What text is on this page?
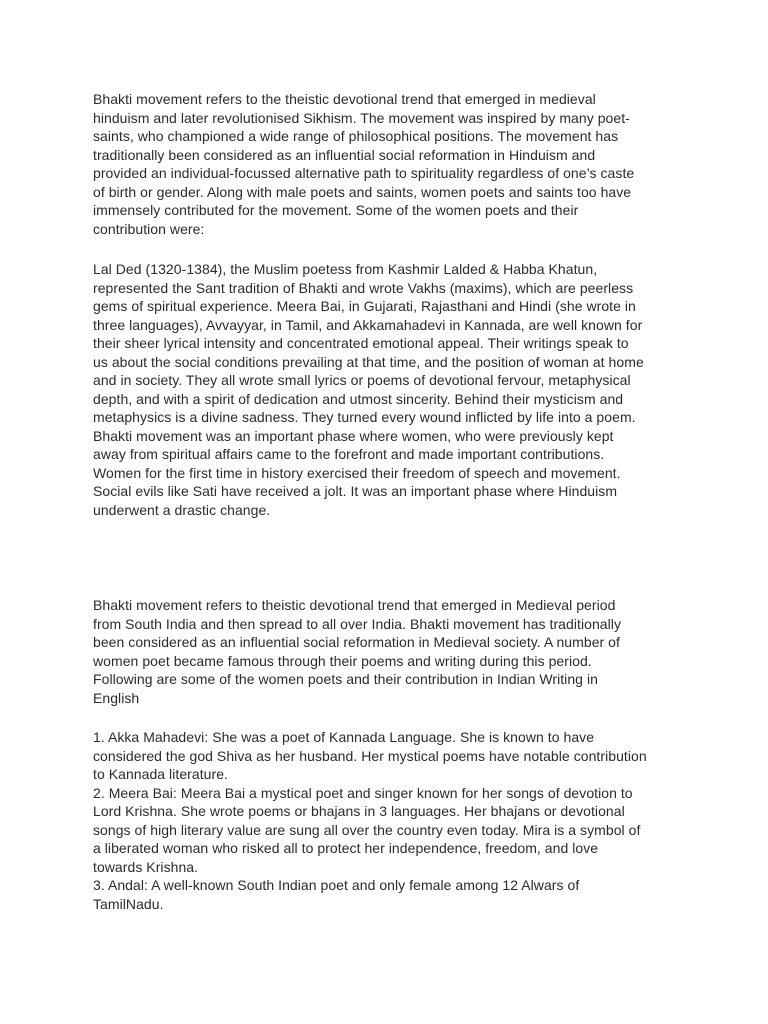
Bhakti movement refers to the theistic devotional trend that emerged in medieval
hinduism and later revolutionised Sikhism. The movement was inspired by many poet-
saints, who championed a wide range of philosophical positions. The movement has
traditionally been considered as an influential social reformation in Hinduism and
provided an individual-focussed alternative path to spirituality regardless of one’s caste
of birth or gender. Along with male poets and saints, women poets and saints too have
immensely contributed for the movement. Some of the women poets and their
contribution were:

Lal Ded (1320-1384), the Muslim poetess from Kashmir Lalded & Habba Khatun,
represented the Sant tradition of Bhakti and wrote Vakhs (maxims), which are peerless
gems of spiritual experience. Meera Bai, in Gujarati, Rajasthani and Hindi (she wrote in
three languages), Avvayyar, in Tamil, and Akkamahadevi in Kannada, are well known for
their sheer lyrical intensity and concentrated emotional appeal. Their writings speak to
us about the social conditions prevailing at that time, and the position of woman at home
and in society. They all wrote small lyrics or poems of devotional fervour, metaphysical
depth, and with a spirit of dedication and utmost sincerity. Behind their mysticism and
metaphysics is a divine sadness. They turned every wound inflicted by life into a poem.
Bhakti movement was an important phase where women, who were previously kept
away from spiritual affairs came to the forefront and made important contributions.
Women for the first time in history exercised their freedom of speech and movement.
Social evils like Sati have received a jolt. It was an important phase where Hinduism
underwent a drastic change.

Bhakti movement refers to theistic devotional trend that emerged in Medieval period
from South India and then spread to all over India. Bhakti movement has traditionally
been considered as an influential social reformation in Medieval society. A number of
women poet became famous through their poems and writing during this period.
Following are some of the women poets and their contribution in Indian Writing in
English

1. Akka Mahadevi: She was a poet of Kannada Language. She is known to have
considered the god Shiva as her husband. Her mystical poems have notable contribution
to Kannada literature.
2. Meera Bai: Meera Bai a mystical poet and singer known for her songs of devotion to
Lord Krishna. She wrote poems or bhajans in 3 languages. Her bhajans or devotional
songs of high literary value are sung all over the country even today. Mira is a symbol of
a liberated woman who risked all to protect her independence, freedom, and love
towards Krishna.
3. Andal: A well-known South Indian poet and only female among 12 Alwars of
TamilNadu.
